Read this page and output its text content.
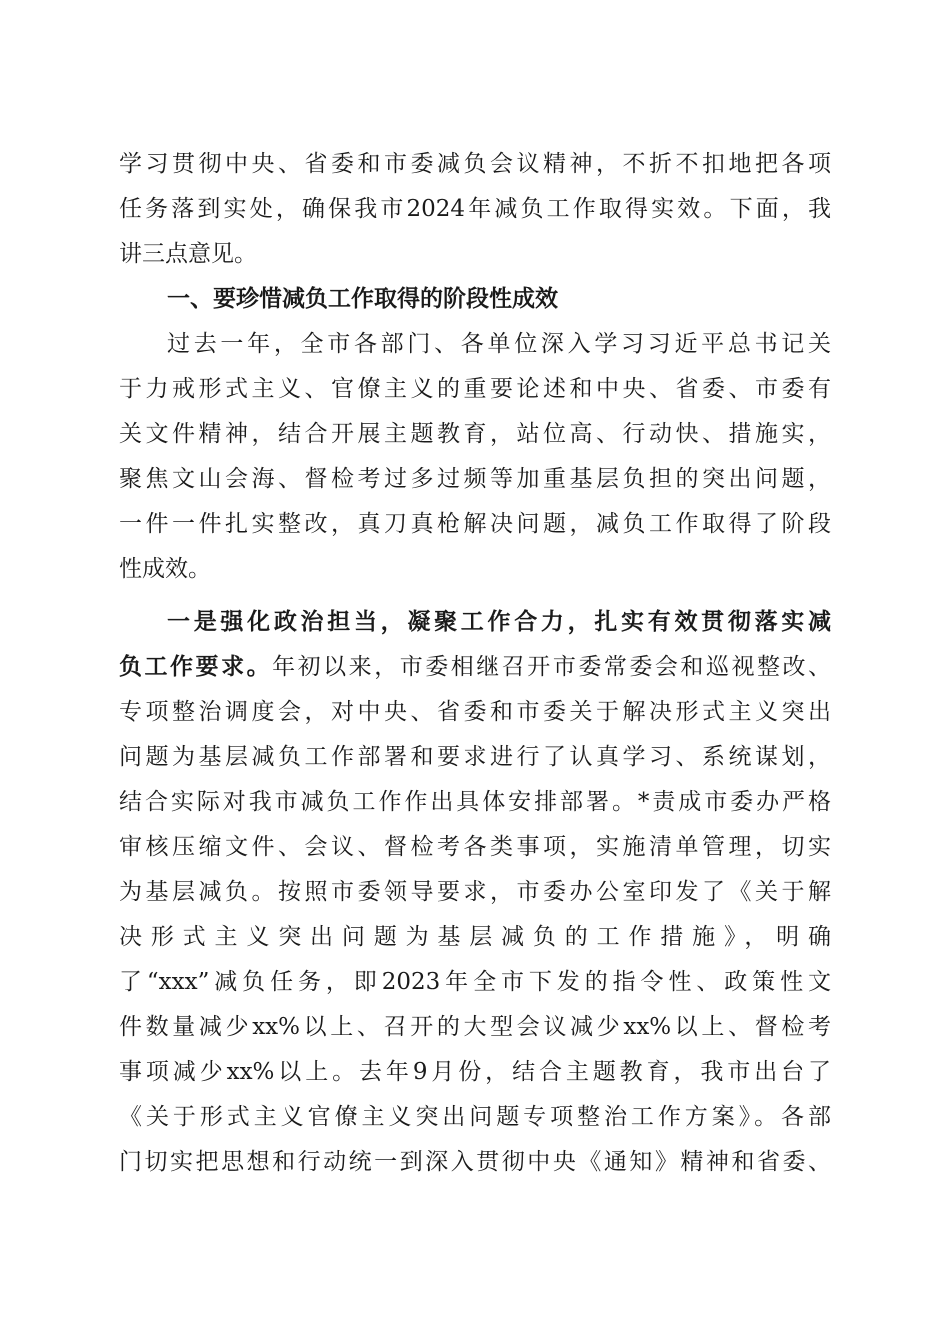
学习贯彻中央、省委和市委减负会议精神，不折不扣地把各项
任务落到实处，确保我市2024年减负工作取得实效。下面，我
讲三点意见。
一、要珍惜减负工作取得的阶段性成效
过去一年，全市各部门、各单位深入学习习近平总书记关
于力戒形式主义、官僚主义的重要论述和中央、省委、市委有
关文件精神，结合开展主题教育，站位高、行动快、措施实，
聚焦文山会海、督检考过多过频等加重基层负担的突出问题，
一件一件扎实整改，真刀真枪解决问题，减负工作取得了阶段
性成效。
一是强化政治担当，凝聚工作合力，扎实有效贯彻落实减
负工作要求。年初以来，市委相继召开市委常委会和巡视整改、
专项整治调度会，对中央、省委和市委关于解决形式主义突出
问题为基层减负工作部署和要求进行了认真学习、系统谋划，
结合实际对我市减负工作作出具体安排部署。*责成市委办严格
审核压缩文件、会议、督检考各类事项，实施清单管理，切实
为基层减负。按照市委领导要求，市委办公室印发了《关于解
决形式主义突出问题为基层减负的工作措施》，明确
了“xxx”减负任务，即2023年全市下发的指令性、政策性文
件数量减少xx%以上、召开的大型会议减少xx%以上、督检考
事项减少xx%以上。去年9月份，结合主题教育，我市出台了
《关于形式主义官僚主义突出问题专项整治工作方案》。各部
门切实把思想和行动统一到深入贯彻中央《通知》精神和省委、
